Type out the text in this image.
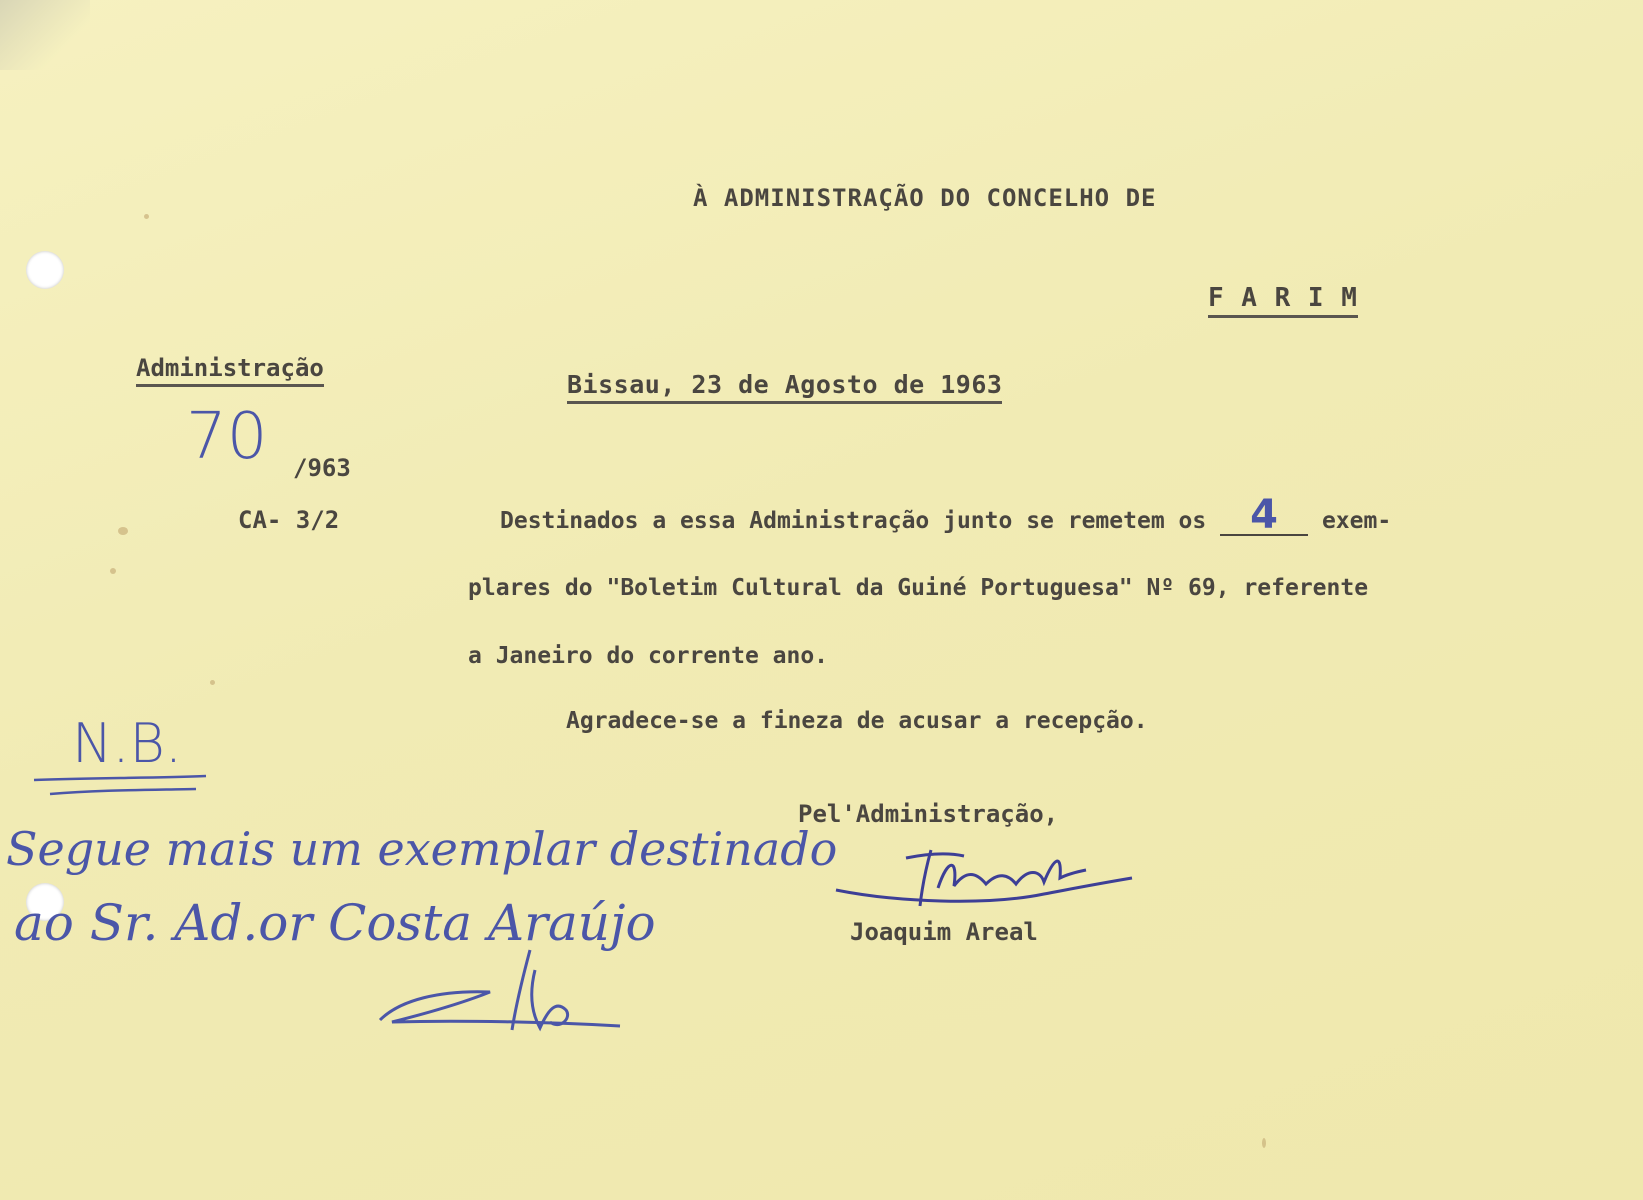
À ADMINISTRAÇÃO DO CONCELHO DE
F A R I M
Administração
Bissau, 23 de Agosto de 1963
70 /963
CA- 3/2	Destinados a essa Administração junto se remetem os 4 exem-
plares do "Boletim Cultural da Guiné Portuguesa" Nº 69, referente
a Janeiro do corrente ano.
Agradece-se a fineza de acusar a recepção.
Pel'Administração,
Joaquim Areal
N.B.
Segue mais um exemplar destinado
ao Sr. Ad.or Costa Araújo
